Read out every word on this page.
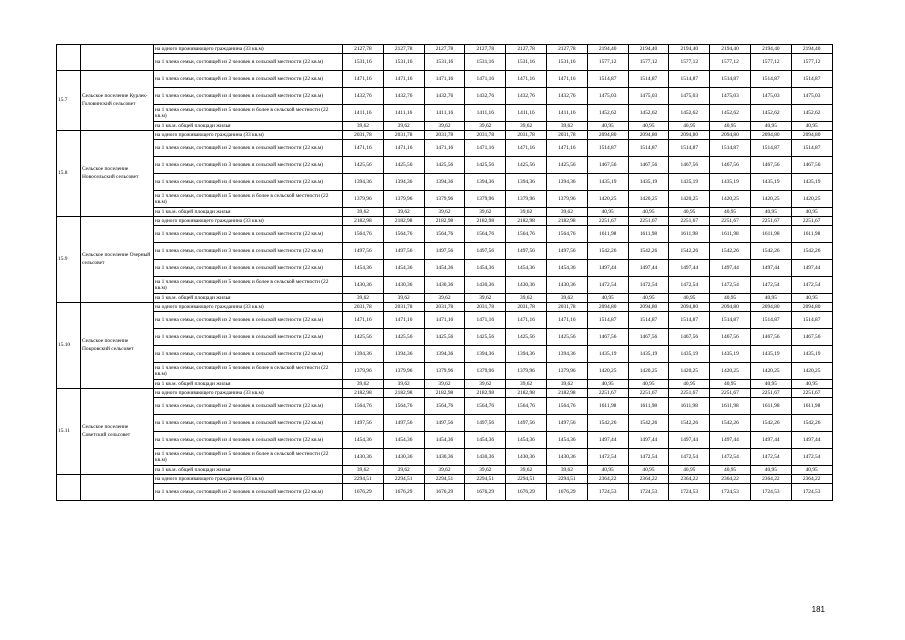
		на одного проживающего гражданина (33 кв.м)	2127,78	2127,78	2127,78	2127,78	2127,78	2127,78	2194,40	2194,40	2194,40	2194,40	2194,40	2194,40
		на 1 члена семьи, состоящей из 2 человек в сельской местности (22 кв.м)	1531,16	1531,16	1531,16	1531,16	1531,16	1531,16	1577,12	1577,12	1577,12	1577,12	1577,12	1577,12
15.7	Сельское поселение Курлек-Головинский сельсовет	на 1 члена семьи, состоящей из 3 человек в сельской местности (22 кв.м)	1471,16	1471,16	1471,16	1471,16	1471,16	1471,16	1514,87	1514,87	1514,87	1514,87	1514,87	1514,87
		на 1 члена семьи, состоящей из 4 человек в сельской местности (22 кв.м)	1432,76	1432,76	1432,76	1432,76	1432,76	1432,76	1475,03	1475,03	1475,03	1475,03	1475,03	1475,03
		на 1 члена семьи, состоящей из 5 человек и более в сельской местности (22 кв.м)	1411,16	1411,16	1411,16	1411,16	1411,16	1411,16	1452,62	1452,62	1452,62	1452,62	1452,62	1452,62
		на 1 кв.м. общей площади жилья	39,62	39,62	39,62	39,62	39,62	39,62	40,95	40,95	40,95	40,95	40,95	40,95
15.8	Сельское поселение Новосельский сельсовет	на одного проживающего гражданина (33 кв.м)	2031,78	2031,78	2031,78	2031,78	2031,78	2031,78	2094,80	2094,80	2094,80	2094,80	2094,80	2094,80
		на 1 члена семьи, состоящей из 2 человек в сельской местности (22 кв.м)	1471,16	1471,16	1471,16	1471,16	1471,16	1471,16	1514,87	1514,87	1514,87	1514,87	1514,87	1514,87
		на 1 члена семьи, состоящей из 3 человек в сельской местности (22 кв.м)	1425,56	1425,56	1425,56	1425,56	1425,56	1425,56	1467,56	1467,56	1467,56	1467,56	1467,56	1467,56
		на 1 члена семьи, состоящей из 4 человек в сельской местности (22 кв.м)	1394,36	1394,36	1394,36	1394,36	1394,36	1394,36	1435,19	1435,19	1435,19	1435,19	1435,19	1435,19
		на 1 члена семьи, состоящей из 5 человек и более в сельской местности (22 кв.м)	1379,96	1379,96	1379,96	1379,96	1379,96	1379,96	1420,25	1420,25	1420,25	1420,25	1420,25	1420,25
		на 1 кв.м. общей площади жилья	39,62	39,62	39,62	39,62	39,62	39,62	40,95	40,95	40,95	40,95	40,95	40,95
15.9	Сельское поселение Озерный сельсовет	на одного проживающего гражданина (33 кв.м)	2182,98	2182,98	2182,98	2182,98	2182,98	2182,98	2251,67	2251,67	2251,67	2251,67	2251,67	2251,67
		на 1 члена семьи, состоящей из 2 человек в сельской местности (22 кв.м)	1564,76	1564,76	1564,76	1564,76	1564,76	1564,76	1611,98	1611,98	1611,98	1611,98	1611,98	1611,98
		на 1 члена семьи, состоящей из 3 человек в сельской местности (22 кв.м)	1497,56	1497,56	1497,56	1497,56	1497,56	1497,56	1542,26	1542,26	1542,26	1542,26	1542,26	1542,26
		на 1 члена семьи, состоящей из 4 человек в сельской местности (22 кв.м)	1454,36	1454,36	1454,36	1454,36	1454,36	1454,36	1497,44	1497,44	1497,44	1497,44	1497,44	1497,44
		на 1 члена семьи, состоящей из 5 человек и более в сельской местности (22 кв.м)	1430,36	1430,36	1430,36	1430,36	1430,36	1430,36	1472,54	1472,54	1472,54	1472,54	1472,54	1472,54
		на 1 кв.м. общей площади жилья	39,62	39,62	39,62	39,62	39,62	39,62	40,95	40,95	40,95	40,95	40,95	40,95
15.10	Сельское поселение Покровский сельсовет	на одного проживающего гражданина (33 кв.м)	2031,78	2031,78	2031,78	2031,78	2031,78	2031,78	2094,80	2094,80	2094,80	2094,80	2094,80	2094,80
		на 1 члена семьи, состоящей из 2 человек в сельской местности (22 кв.м)	1471,16	1471,16	1471,16	1471,16	1471,16	1471,16	1514,87	1514,87	1514,87	1514,87	1514,87	1514,87
		на 1 члена семьи, состоящей из 3 человек в сельской местности (22 кв.м)	1425,56	1425,56	1425,56	1425,56	1425,56	1425,56	1467,56	1467,56	1467,56	1467,56	1467,56	1467,56
		на 1 члена семьи, состоящей из 4 человек в сельской местности (22 кв.м)	1394,36	1394,36	1394,36	1394,36	1394,36	1394,36	1435,19	1435,19	1435,19	1435,19	1435,19	1435,19
		на 1 члена семьи, состоящей из 5 человек и более в сельской местности (22 кв.м)	1379,96	1379,96	1379,96	1379,96	1379,96	1379,96	1420,25	1420,25	1420,25	1420,25	1420,25	1420,25
		на 1 кв.м. общей площади жилья	39,62	39,62	39,62	39,62	39,62	39,62	40,95	40,95	40,95	40,95	40,95	40,95
15.11	Сельское поселение Советский сельсовет	на одного проживающего гражданина (33 кв.м)	2182,98	2182,98	2182,98	2182,98	2182,98	2182,98	2251,67	2251,67	2251,67	2251,67	2251,67	2251,67
		на 1 члена семьи, состоящей из 2 человек в сельской местности (22 кв.м)	1564,76	1564,76	1564,76	1564,76	1564,76	1564,76	1611,98	1611,98	1611,98	1611,98	1611,98	1611,98
		на 1 члена семьи, состоящей из 3 человек в сельской местности (22 кв.м)	1497,56	1497,56	1497,56	1497,56	1497,56	1497,56	1542,26	1542,26	1542,26	1542,26	1542,26	1542,26
		на 1 члена семьи, состоящей из 4 человек в сельской местности (22 кв.м)	1454,36	1454,36	1454,36	1454,36	1454,36	1454,36	1497,44	1497,44	1497,44	1497,44	1497,44	1497,44
		на 1 члена семьи, состоящей из 5 человек и более в сельской местности (22 кв.м)	1430,36	1430,36	1430,36	1430,36	1430,36	1430,36	1472,54	1472,54	1472,54	1472,54	1472,54	1472,54
		на 1 кв.м. общей площади жилья	39,62	39,62	39,62	39,62	39,62	39,62	40,95	40,95	40,95	40,95	40,95	40,95
		на одного проживающего гражданина (33 кв.м)	2294,51	2294,51	2294,51	2294,51	2294,51	2294,51	2364,22	2364,22	2364,22	2364,22	2364,22	2364,22
		на 1 члена семьи, состоящей из 2 человек в сельской местности (22 кв.м)	1676,29	1676,29	1676,29	1676,29	1676,29	1676,29	1724,53	1724,53	1724,53	1724,53	1724,53	1724,53
181
